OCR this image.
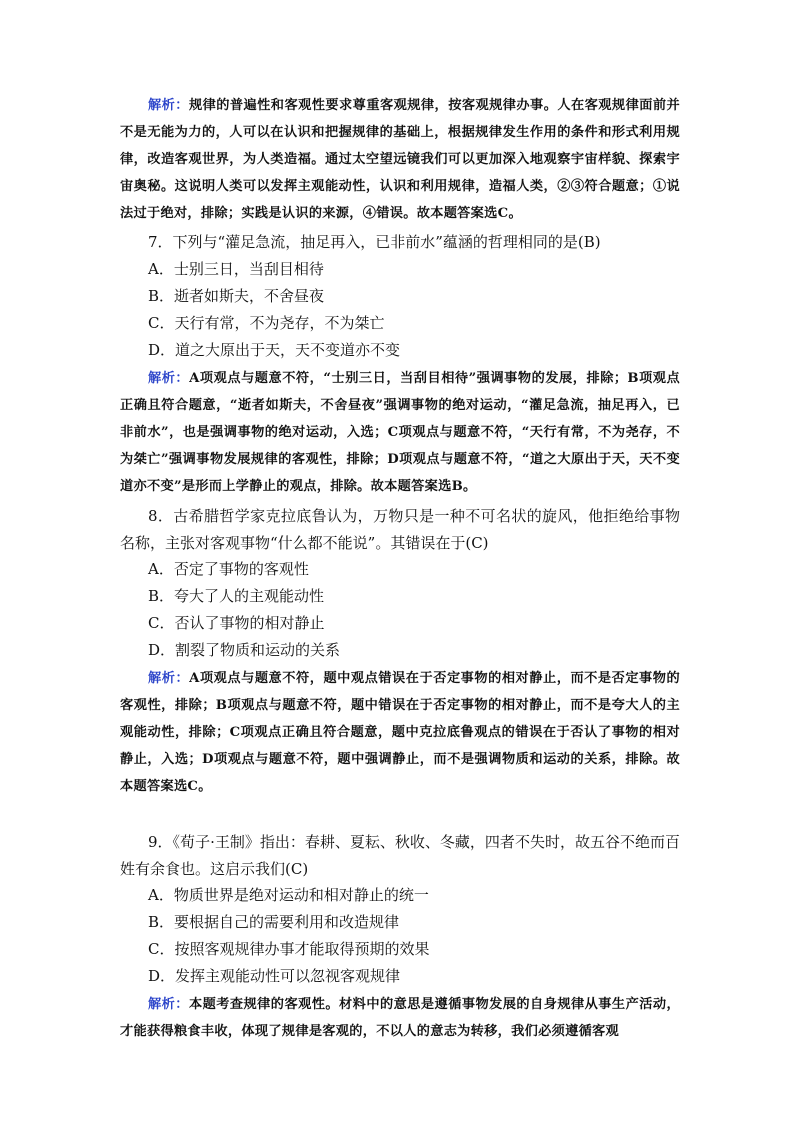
解析：规律的普遍性和客观性要求尊重客观规律，按客观规律办事。人在客观规律面前并不是无能为力的，人可以在认识和把握规律的基础上，根据规律发生作用的条件和形式利用规律，改造客观世界，为人类造福。通过太空望远镜我们可以更加深入地观察宇宙样貌、探索宇宙奥秘。这说明人类可以发挥主观能动性，认识和利用规律，造福人类，②③符合题意；①说法过于绝对，排除；实践是认识的来源，④错误。故本题答案选C。

7．下列与“灌足急流，抽足再入，已非前水”蕴涵的哲理相同的是(B)

A．士别三日，当刮目相待

B．逝者如斯夫，不舍昼夜

C．天行有常，不为尧存，不为桀亡

D．道之大原出于天，天不变道亦不变

解析：A项观点与题意不符，“士别三日，当刮目相待”强调事物的发展，排除；B项观点正确且符合题意，“逝者如斯夫，不舍昼夜”强调事物的绝对运动，“灌足急流，抽足再入，已非前水”，也是强调事物的绝对运动，入选；C项观点与题意不符，“天行有常，不为尧存，不为桀亡”强调事物发展规律的客观性，排除；D项观点与题意不符，“道之大原出于天，天不变道亦不变”是形而上学静止的观点，排除。故本题答案选B。

8．古希腊哲学家克拉底鲁认为，万物只是一种不可名状的旋风，他拒绝给事物名称，主张对客观事物“什么都不能说”。其错误在于(C)

A．否定了事物的客观性

B．夸大了人的主观能动性

C．否认了事物的相对静止

D．割裂了物质和运动的关系

解析：A项观点与题意不符，题中观点错误在于否定事物的相对静止，而不是否定事物的客观性，排除；B项观点与题意不符，题中错误在于否定事物的相对静止，而不是夸大人的主观能动性，排除；C项观点正确且符合题意，题中克拉底鲁观点的错误在于否认了事物的相对静止，入选；D项观点与题意不符，题中强调静止，而不是强调物质和运动的关系，排除。故本题答案选C。

9．《荀子·王制》指出：春耕、夏耘、秋收、冬藏，四者不失时，故五谷不绝而百姓有余食也。这启示我们(C)

A．物质世界是绝对运动和相对静止的统一

B．要根据自己的需要利用和改造规律

C．按照客观规律办事才能取得预期的效果

D．发挥主观能动性可以忽视客观规律

解析：本题考查规律的客观性。材料中的意思是遵循事物发展的自身规律从事生产活动，才能获得粮食丰收，体现了规律是客观的，不以人的意志为转移，我们必须遵循客观
